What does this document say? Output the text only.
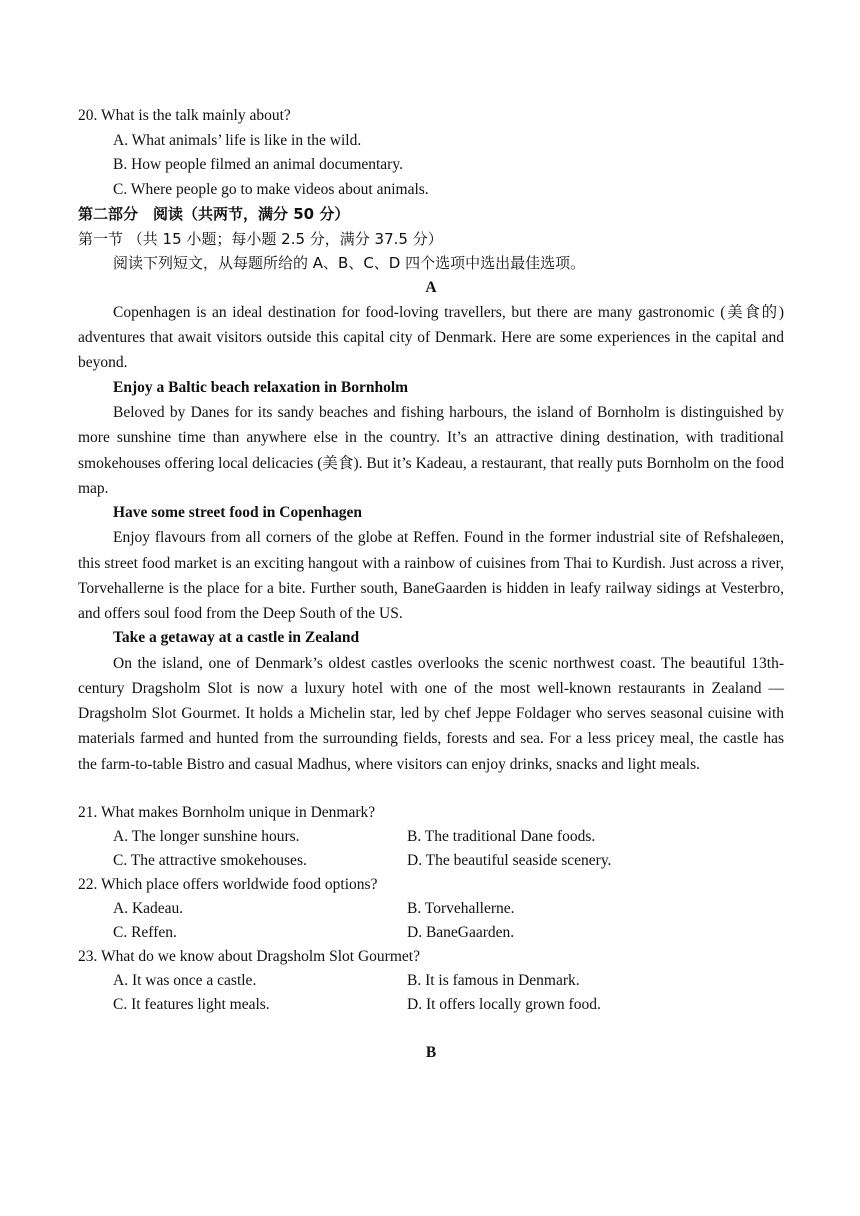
20. What is the talk mainly about?

A. What animals’ life is like in the wild.

B. How people filmed an animal documentary.

C. Where people go to make videos about animals.

第二部分　阅读（共两节，满分 50 分）

第一节 （共 15 小题；每小题 2.5 分，满分 37.5 分）

阅读下列短文，从每题所给的 A、B、C、D 四个选项中选出最佳选项。

A

Copenhagen is an ideal destination for food-loving travellers, but there are many gastronomic (美食的) adventures that await visitors outside this capital city of Denmark. Here are some experiences in the capital and beyond.

Enjoy a Baltic beach relaxation in Bornholm

Beloved by Danes for its sandy beaches and fishing harbours, the island of Bornholm is distinguished by more sunshine time than anywhere else in the country. It’s an attractive dining destination, with traditional smokehouses offering local delicacies (美食). But it’s Kadeau, a restaurant, that really puts Bornholm on the food map.

Have some street food in Copenhagen

Enjoy flavours from all corners of the globe at Reffen. Found in the former industrial site of Refshaleøen, this street food market is an exciting hangout with a rainbow of cuisines from Thai to Kurdish. Just across a river, Torvehallerne is the place for a bite. Further south, BaneGaarden is hidden in leafy railway sidings at Vesterbro, and offers soul food from the Deep South of the US.

Take a getaway at a castle in Zealand

On the island, one of Denmark’s oldest castles overlooks the scenic northwest coast. The beautiful 13th-century Dragsholm Slot is now a luxury hotel with one of the most well-known restaurants in Zealand — Dragsholm Slot Gourmet. It holds a Michelin star, led by chef Jeppe Foldager who serves seasonal cuisine with materials farmed and hunted from the surrounding fields, forests and sea. For a less pricey meal, the castle has the farm-to-table Bistro and casual Madhus, where visitors can enjoy drinks, snacks and light meals.

21. What makes Bornholm unique in Denmark?

A. The longer sunshine hours.	B. The traditional Dane foods.
C. The attractive smokehouses.	D. The beautiful seaside scenery.

22. Which place offers worldwide food options?

A. Kadeau.	B. Torvehallerne.
C. Reffen.	D. BaneGaarden.

23. What do we know about Dragsholm Slot Gourmet?

A. It was once a castle.	B. It is famous in Denmark.
C. It features light meals.	D. It offers locally grown food.

B
